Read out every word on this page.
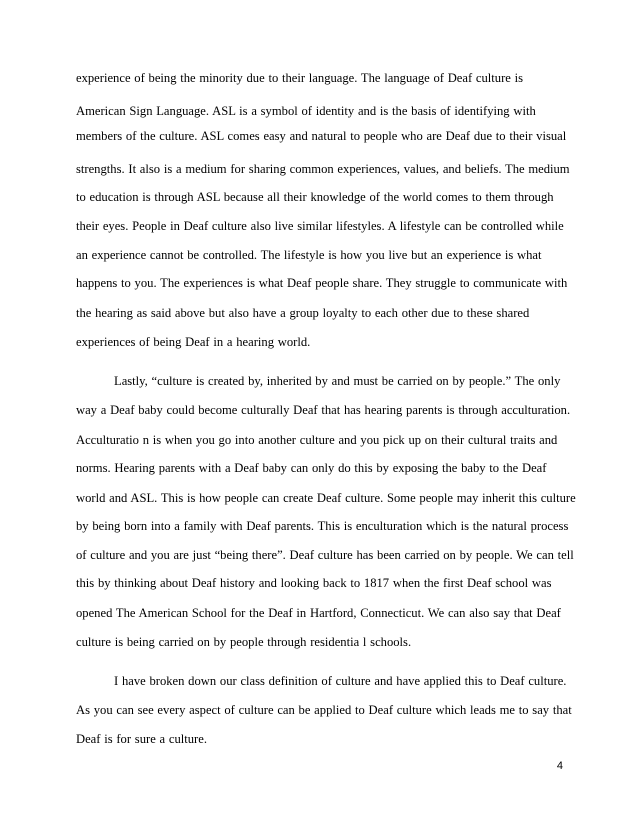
experience of being the minority due to their language. The language of Deaf culture is
American Sign Language. ASL is a symbol of identity and is the basis of identifying with
members of the culture. ASL comes easy and natural to people who are Deaf due to their visual
strengths. It also is a medium for sharing common experiences, values, and beliefs. The medium
to education is through ASL because all their knowledge of the world comes to them through
their eyes. People in Deaf culture also live similar lifestyles. A lifestyle can be controlled while
an experience cannot be controlled. The lifestyle is how you live but an experience is what
happens to you. The experiences is what Deaf people share. They struggle to communicate with
the hearing as said above but also have a group loyalty to each other due to these shared
experiences of being Deaf in a hearing world.
Lastly, “culture is created by, inherited by and must be carried on by people.” The only
way a Deaf baby could become culturally Deaf that has hearing parents is through acculturation.
Acculturatio n is when you go into another culture and you pick up on their cultural traits and
norms. Hearing parents with a Deaf baby can only do this by exposing the baby to the Deaf
world and ASL. This is how people can create Deaf culture. Some people may inherit this culture
by being born into a family with Deaf parents. This is enculturation which is the natural process
of culture and you are just “being there”. Deaf culture has been carried on by people. We can tell
this by thinking about Deaf history and looking back to 1817 when the first Deaf school was
opened The American School for the Deaf in Hartford, Connecticut. We can also say that Deaf
culture is being carried on by people through residentia l schools.
I have broken down our class definition of culture and have applied this to Deaf culture.
As you can see every aspect of culture can be applied to Deaf culture which leads me to say that
Deaf is for sure a culture.
4
